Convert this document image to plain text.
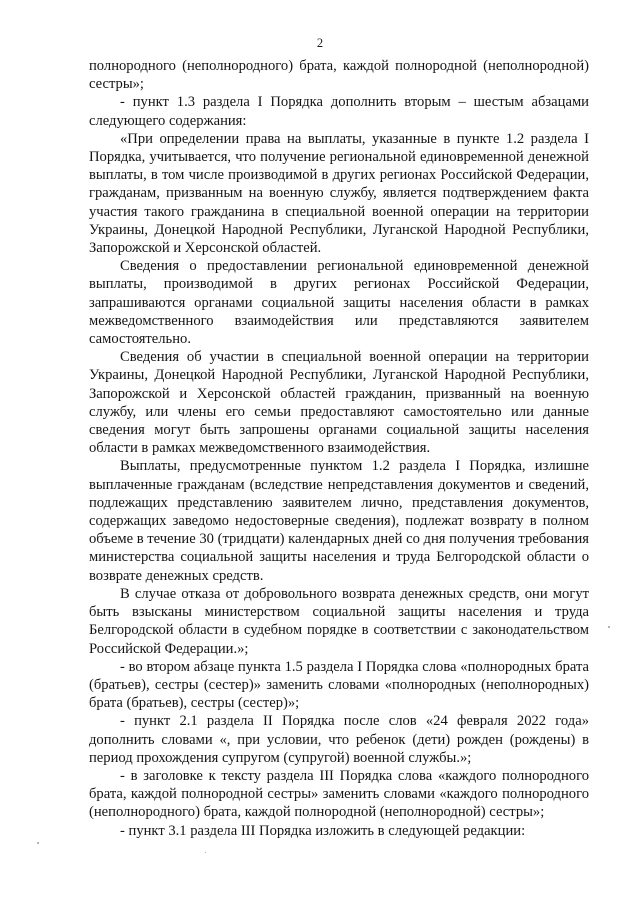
2

полнородного (неполнородного) брата, каждой полнородной (неполнородной) сестры»;

- пункт 1.3 раздела I Порядка дополнить вторым – шестым абзацами следующего содержания:

«При определении права на выплаты, указанные в пункте 1.2 раздела I Порядка, учитывается, что получение региональной единовременной денежной выплаты, в том числе производимой в других регионах Российской Федерации, гражданам, призванным на военную службу, является подтверждением факта участия такого гражданина в специальной военной операции на территории Украины, Донецкой Народной Республики, Луганской Народной Республики, Запорожской и Херсонской областей.

Сведения о предоставлении региональной единовременной денежной выплаты, производимой в других регионах Российской Федерации, запрашиваются органами социальной защиты населения области в рамках межведомственного взаимодействия или представляются заявителем самостоятельно.

Сведения об участии в специальной военной операции на территории Украины, Донецкой Народной Республики, Луганской Народной Республики, Запорожской и Херсонской областей гражданин, призванный на военную службу, или члены его семьи предоставляют самостоятельно или данные сведения могут быть запрошены органами социальной защиты населения области в рамках межведомственного взаимодействия.

Выплаты, предусмотренные пунктом 1.2 раздела I Порядка, излишне выплаченные гражданам (вследствие непредставления документов и сведений, подлежащих представлению заявителем лично, представления документов, содержащих заведомо недостоверные сведения), подлежат возврату в полном объеме в течение 30 (тридцати) календарных дней со дня получения требования министерства социальной защиты населения и труда Белгородской области о возврате денежных средств.

В случае отказа от добровольного возврата денежных средств, они могут быть взысканы министерством социальной защиты населения и труда Белгородской области в судебном порядке в соответствии с законодательством Российской Федерации.»;

- во втором абзаце пункта 1.5 раздела I Порядка слова «полнородных брата (братьев), сестры (сестер)» заменить словами «полнородных (неполнородных) брата (братьев), сестры (сестер)»;

- пункт 2.1 раздела II Порядка после слов «24 февраля 2022 года» дополнить словами «, при условии, что ребенок (дети) рожден (рождены) в период прохождения супругом (супругой) военной службы.»;

- в заголовке к тексту раздела III Порядка слова «каждого полнородного брата, каждой полнородной сестры» заменить словами «каждого полнородного (неполнородного) брата, каждой полнородной (неполнородной) сестры»;

- пункт 3.1 раздела III Порядка изложить в следующей редакции:
